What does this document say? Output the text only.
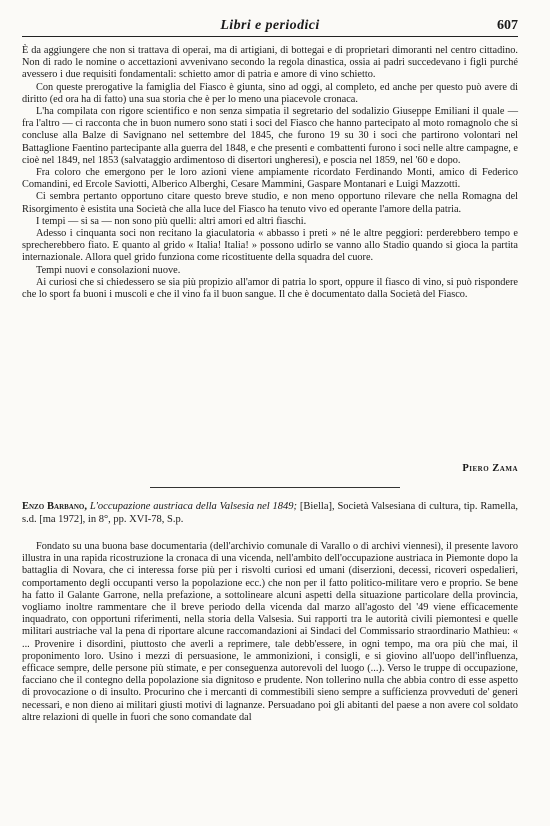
Libri e periodici	607

È da aggiungere che non si trattava di operai, ma di artigiani, di bottegai e di proprietari dimoranti nel centro cittadino. Non di rado le nomine o accettazioni avvenivano secondo la regola dinastica, ossia ai padri succedevano i figli purché avessero i due requisiti fondamentali: schietto amor di patria e amore di vino schietto.

Con queste prerogative la famiglia del Fiasco è giunta, sino ad oggi, al completo, ed anche per questo può avere di diritto (ed ora ha di fatto) una sua storia che è per lo meno una piacevole cronaca.

L'ha compilata con rigore scientifico e non senza simpatia il segretario del sodalizio Giuseppe Emiliani il quale — fra l'altro — ci racconta che in buon numero sono stati i soci del Fiasco che hanno partecipato al moto romagnolo che si concluse alla Balze di Savignano nel settembre del 1845, che furono 19 su 30 i soci che partirono volontari nel Battaglione Faentino partecipante alla guerra del 1848, e che presenti e combattenti furono i soci nelle altre campagne, e cioè nel 1849, nel 1853 (salvataggio ardimentoso di disertori ungheresi), e poscia nel 1859, nel '60 e dopo.

Fra coloro che emergono per le loro azioni viene ampiamente ricordato Ferdinando Monti, amico di Federico Comandini, ed Ercole Saviotti, Alberico Alberghi, Cesare Mammini, Gaspare Montanari e Luigi Mazzotti.

Ci sembra pertanto opportuno citare questo breve studio, e non meno opportuno rilevare che nella Romagna del Risorgimento è esistita una Società che alla luce del Fiasco ha tenuto vivo ed operante l'amore della patria.

I tempi — si sa — non sono più quelli: altri amori ed altri fiaschi.

Adesso i cinquanta soci non recitano la giaculatoria « abbasso i preti » né le altre peggiori: perderebbero tempo e sprecherebbero fiato. E quanto al grido « Italia! Italia! » possono udirlo se vanno allo Stadio quando si gioca la partita internazionale. Allora quel grido funziona come ricostituente della squadra del cuore.

Tempi nuovi e consolazioni nuove.

Ai curiosi che si chiedessero se sia più propizio all'amor di patria lo sport, oppure il fiasco di vino, si può rispondere che lo sport fa buoni i muscoli e che il vino fa il buon sangue. Il che è documentato dalla Società del Fiasco.

Piero Zama
Enzo Barbano, L'occupazione austriaca della Valsesia nel 1849; [Biella], Società Valsesiana di cultura, tip. Ramella, s.d. [ma 1972], in 8°, pp. XVI-78, S.p.

Fondato su una buona base documentaria (dell'archivio comunale di Varallo o di archivi viennesi), il presente lavoro illustra in una rapida ricostruzione la cronaca di una vicenda, nell'ambito dell'occupazione austriaca in Piemonte dopo la battaglia di Novara, che ci interessa forse più per i risvolti curiosi ed umani (diserzioni, decessi, ricoveri ospedalieri, comportamento degli occupanti verso la popolazione ecc.) che non per il fatto politico-militare vero e proprio. Se bene ha fatto il Galante Garrone, nella prefazione, a sottolineare alcuni aspetti della situazione particolare della provincia, vogliamo inoltre rammentare che il breve periodo della vicenda dal marzo all'agosto del '49 viene efficacemente inquadrato, con opportuni riferimenti, nella storia della Valsesia. Sui rapporti tra le autorità civili piemontesi e quelle militari austriache val la pena di riportare alcune raccomandazioni ai Sindaci del Commissario straordinario Mathieu: « ... Provenire i disordini, piuttosto che averli a reprimere, tale debb'essere, in ogni tempo, ma ora più che mai, il proponimento loro. Usino i mezzi di persuasione, le ammonizioni, i consigli, e si giovino all'uopo dell'influenza, efficace sempre, delle persone più stimate, e per conseguenza autorevoli del luogo (...). Verso le truppe di occupazione, facciano che il contegno della popolazione sia dignitoso e prudente. Non tollerino nulla che abbia contro di esse aspetto di provocazione o di insulto. Procurino che i mercanti di commestibili sieno sempre a sufficienza provveduti de' generi necessari, e non dieno ai militari giusti motivi di lagnanze. Persuadano poi gli abitanti del paese a non avere col soldato altre relazioni di quelle in fuori che sono comandate dal
